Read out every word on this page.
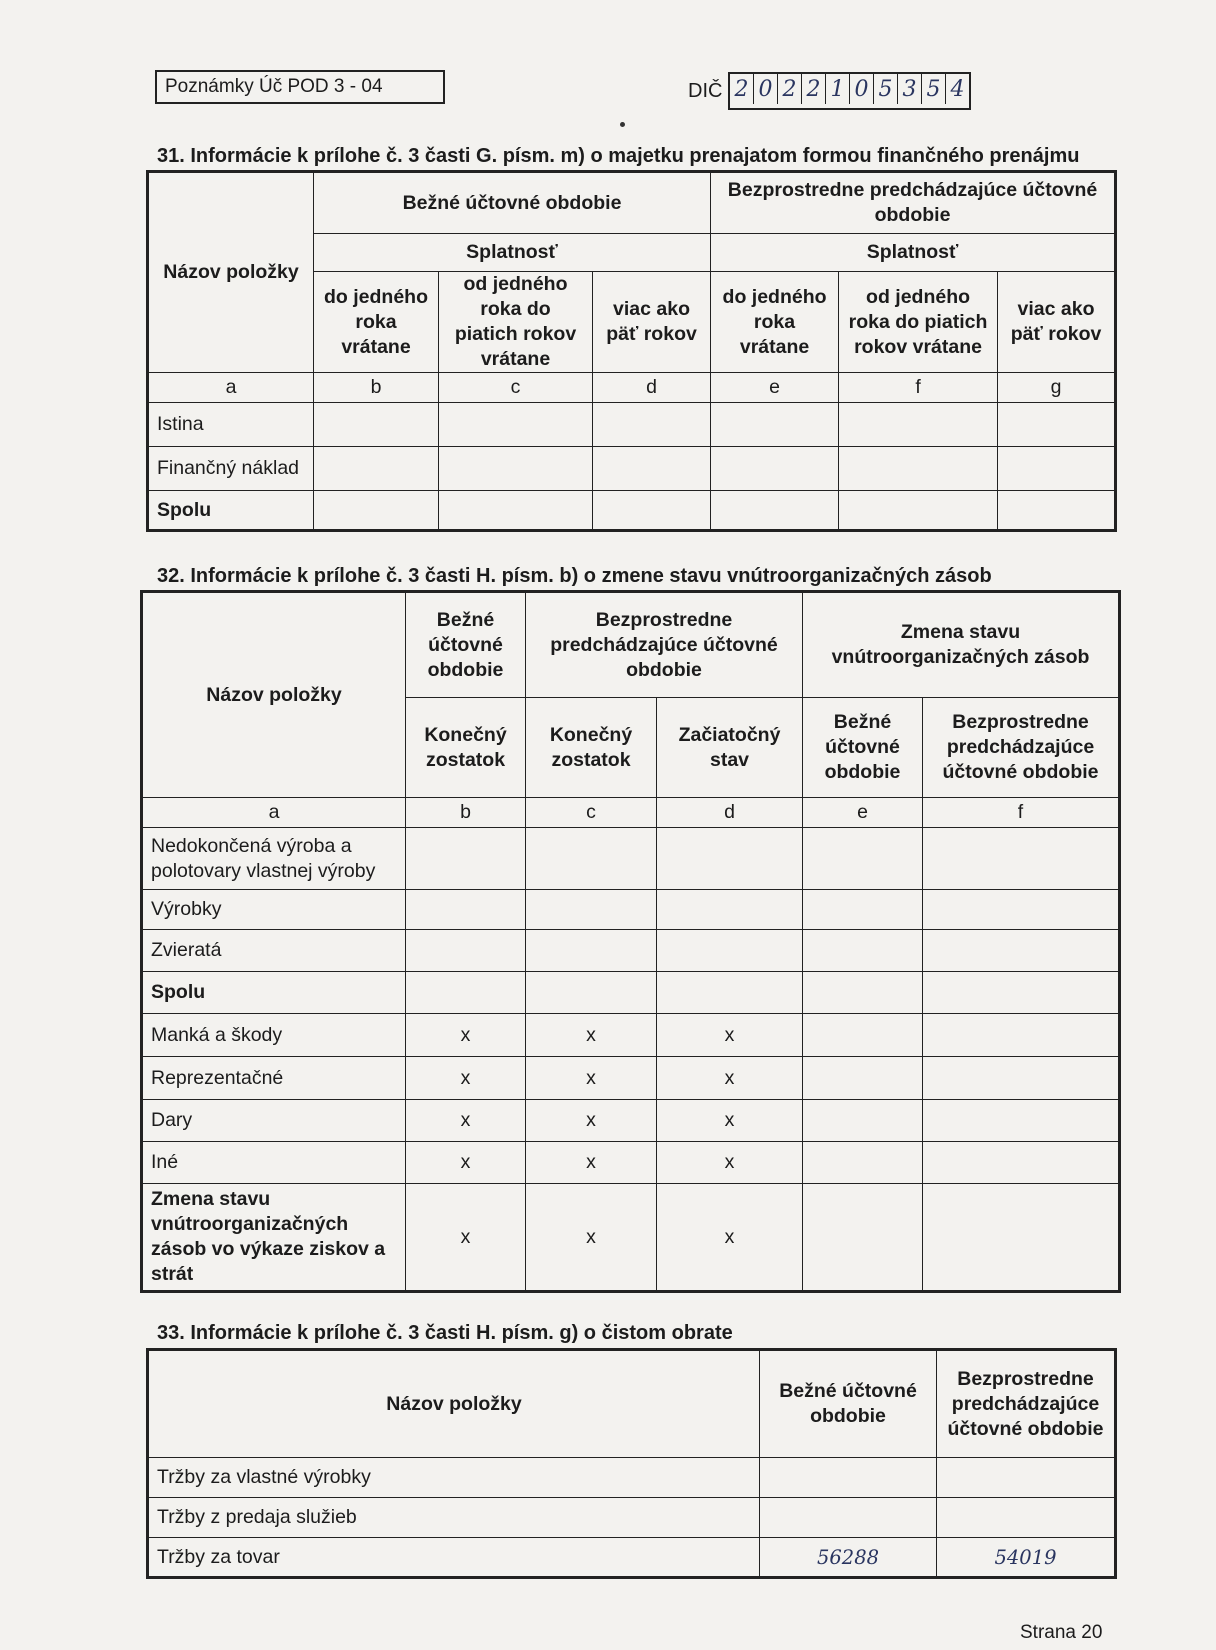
Poznámky Úč POD 3 - 04	DIČ 2 0 2 2 1 0 5 3 5 4
31. Informácie k prílohe č. 3 časti G. písm. m) o majetku prenajatom formou finančného prenájmu
Názov položky	Bežné účtovné obdobie			Bezprostredne predchádzajúce účtovné obdobie		
	Splatnosť			Splatnosť		
	do jedného roka vrátane	od jedného roka do piatich rokov vrátane	viac ako päť rokov	do jedného roka vrátane	od jedného roka do piatich rokov vrátane	viac ako päť rokov
a	b	c	d	e	f	g
Istina						
Finančný náklad						
Spolu						
32. Informácie k prílohe č. 3 časti H. písm. b) o zmene stavu vnútroorganizačných zásob
Názov položky	Bežné účtovné obdobie	Bezprostredne predchádzajúce účtovné obdobie		Zmena stavu vnútroorganizačných zásob	
	Konečný zostatok	Konečný zostatok	Začiatočný stav	Bežné účtovné obdobie	Bezprostredne predchádzajúce účtovné obdobie
a	b	c	d	e	f
Nedokončená výroba a polotovary vlastnej výroby					
Výrobky					
Zvieratá					
Spolu					
Manká a škody	x	x	x		
Reprezentačné	x	x	x		
Dary	x	x	x		
Iné	x	x	x		
Zmena stavu vnútroorganizačných zásob vo výkaze ziskov a strát	x	x	x		
33. Informácie k prílohe č. 3 časti H. písm. g) o čistom obrate
Názov položky	Bežné účtovné obdobie	Bezprostredne predchádzajúce účtovné obdobie
Tržby za vlastné výrobky		
Tržby z predaja služieb		
Tržby za tovar	56288	54019
Strana 20
